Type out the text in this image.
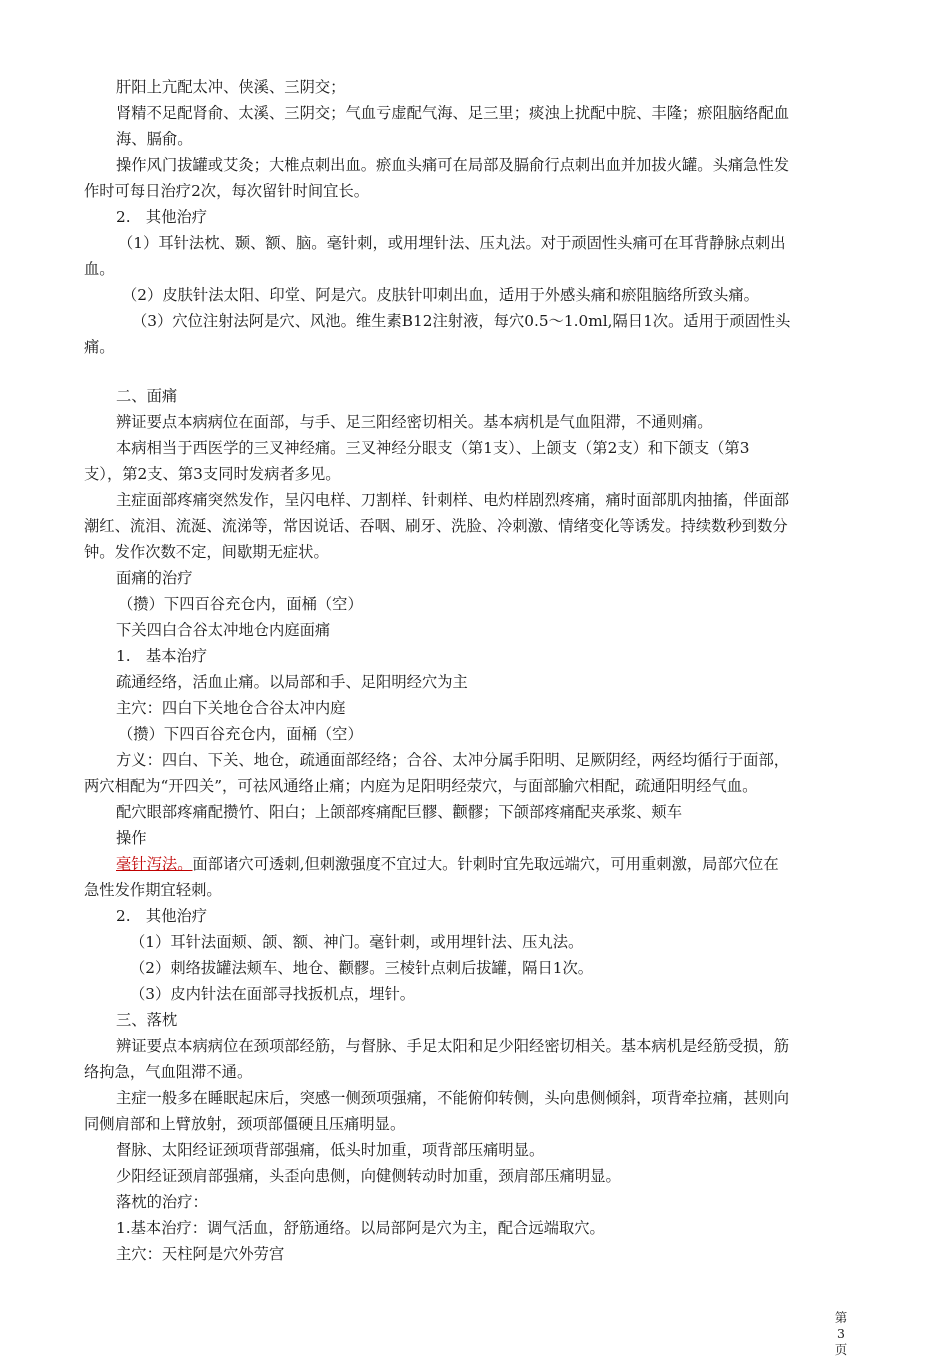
肝阳上亢配太冲、侠溪、三阴交；
肾精不足配肾俞、太溪、三阴交；气血亏虚配气海、足三里；痰浊上扰配中脘、丰隆；瘀阻脑络配血
海、膈俞。
操作风门拔罐或艾灸；大椎点刺出血。瘀血头痛可在局部及膈俞行点刺出血并加拔火罐。头痛急性发
作时可每日治疗2次，每次留针时间宜长。
2.　其他治疗
（1）耳针法枕、颞、额、脑。毫针刺，或用埋针法、压丸法。对于顽固性头痛可在耳背静脉点刺出
血。
（2）皮肤针法太阳、印堂、阿是穴。皮肤针叩刺出血，适用于外感头痛和瘀阻脑络所致头痛。
（3）穴位注射法阿是穴、风池。维生素B12注射液，每穴0.5～1.0ml,隔日1次。适用于顽固性头
痛。
二、面痛
辨证要点本病病位在面部，与手、足三阳经密切相关。基本病机是气血阻滞，不通则痛。
本病相当于西医学的三叉神经痛。三叉神经分眼支（第1支）、上颌支（第2支）和下颌支（第3
支），第2支、第3支同时发病者多见。
主症面部疼痛突然发作，呈闪电样、刀割样、针刺样、电灼样剧烈疼痛，痛时面部肌肉抽搐，伴面部
潮红、流泪、流涎、流涕等，常因说话、吞咽、刷牙、洗脸、冷刺激、情绪变化等诱发。持续数秒到数分
钟。发作次数不定，间歇期无症状。
面痛的治疗
（攒）下四百谷充仓内，面桶（空）
下关四白合谷太冲地仓内庭面痛
1.　基本治疗
疏通经络，活血止痛。以局部和手、足阳明经穴为主
主穴：四白下关地仓合谷太冲内庭
（攒）下四百谷充仓内，面桶（空）
方义：四白、下关、地仓，疏通面部经络；合谷、太冲分属手阳明、足厥阴经，两经均循行于面部，
两穴相配为“开四关”，可祛风通络止痛；内庭为足阳明经荥穴，与面部腧穴相配，疏通阳明经气血。
配穴眼部疼痛配攒竹、阳白；上颌部疼痛配巨髎、颧髎；下颌部疼痛配夹承浆、颊车
操作
毫针泻法。面部诸穴可透刺,但刺激强度不宜过大。针刺时宜先取远端穴，可用重刺激，局部穴位在
急性发作期宜轻刺。
2.　其他治疗
（1）耳针法面颊、颌、额、神门。毫针刺，或用埋针法、压丸法。
（2）刺络拔罐法颊车、地仓、颧髎。三棱针点刺后拔罐，隔日1次。
（3）皮内针法在面部寻找扳机点，埋针。
三、落枕
辨证要点本病病位在颈项部经筋，与督脉、手足太阳和足少阳经密切相关。基本病机是经筋受损，筋
络拘急，气血阻滞不通。
主症一般多在睡眠起床后，突感一侧颈项强痛，不能俯仰转侧，头向患侧倾斜，项背牵拉痛，甚则向
同侧肩部和上臂放射，颈项部僵硬且压痛明显。
督脉、太阳经证颈项背部强痛，低头时加重，项背部压痛明显。
少阳经证颈肩部强痛，头歪向患侧，向健侧转动时加重，颈肩部压痛明显。
落枕的治疗：
1.基本治疗：调气活血，舒筋通络。以局部阿是穴为主，配合远端取穴。
主穴：天柱阿是穴外劳宫
第3
页
